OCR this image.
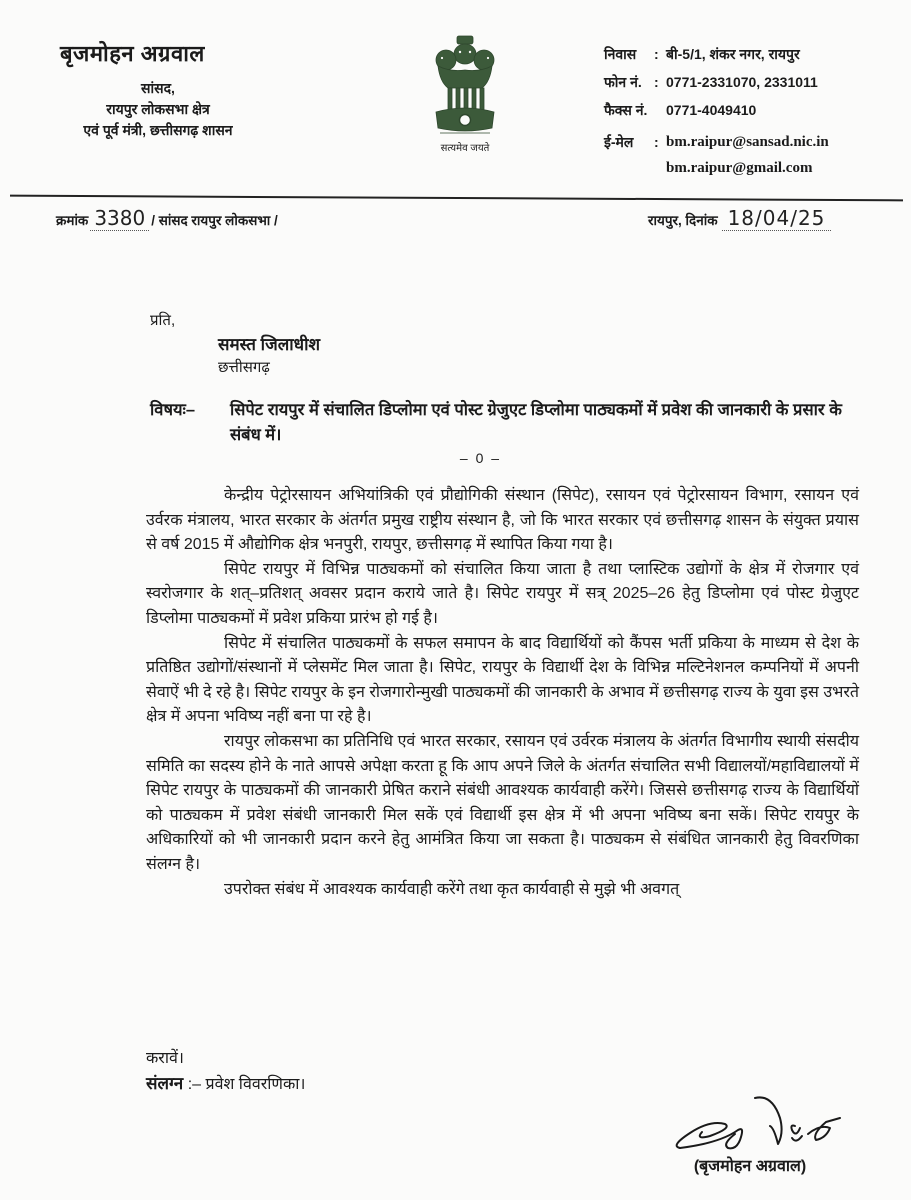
बृजमोहन अग्रवाल
सांसद,
रायपुर लोकसभा क्षेत्र
एवं पूर्व मंत्री, छत्तीसगढ़ शासन
सत्यमेव जयते
निवास	: बी-5/1, शंकर नगर, रायपुर
फोन नं. : 0771-2331070, 2331011
फैक्स नं.	0771-4049410
ई-मेल	: bm.raipur@sansad.nic.in
bm.raipur@gmail.com
क्रमांक 3380 / सांसद रायपुर लोकसभा /	रायपुर, दिनांक 18/04/25
प्रति,
समस्त जिलाधीश
छत्तीसगढ़
विषयः–	सिपेट रायपुर में संचालित डिप्लोमा एवं पोस्ट ग्रेजुएट डिप्लोमा पाठ्यकमों में प्रवेश की जानकारी के प्रसार के संबंध में।
– 0 –

केन्द्रीय पेट्रोरसायन अभियांत्रिकी एवं प्रौद्योगिकी संस्थान (सिपेट), रसायन एवं पेट्रोरसायन विभाग, रसायन एवं उर्वरक मंत्रालय, भारत सरकार के अंतर्गत प्रमुख राष्ट्रीय संस्थान है, जो कि भारत सरकार एवं छत्तीसगढ़ शासन के संयुक्त प्रयास से वर्ष 2015 में औद्योगिक क्षेत्र भनपुरी, रायपुर, छत्तीसगढ़ में स्थापित किया गया है।

सिपेट रायपुर में विभिन्न पाठ्यकमों को संचालित किया जाता है तथा प्लास्टिक उद्योगों के क्षेत्र में रोजगार एवं स्वरोजगार के शत्–प्रतिशत् अवसर प्रदान कराये जाते है। सिपेट रायपुर में सत्र् 2025–26 हेतु डिप्लोमा एवं पोस्ट ग्रेजुएट डिप्लोमा पाठ्यकमों में प्रवेश प्रकिया प्रारंभ हो गई है।

सिपेट में संचालित पाठ्यकमों के सफल समापन के बाद विद्यार्थियों को कैंपस भर्ती प्रकिया के माध्यम से देश के प्रतिष्ठित उद्योगों/संस्थानों में प्लेसमेंट मिल जाता है। सिपेट, रायपुर के विद्यार्थी देश के विभिन्न मल्टिनेशनल कम्पनियों में अपनी सेवाऐं भी दे रहे है। सिपेट रायपुर के इन रोजगारोन्मुखी पाठ्यकमों की जानकारी के अभाव में छत्तीसगढ़ राज्य के युवा इस उभरते क्षेत्र में अपना भविष्य नहीं बना पा रहे है।

रायपुर लोकसभा का प्रतिनिधि एवं भारत सरकार, रसायन एवं उर्वरक मंत्रालय के अंतर्गत विभागीय स्थायी संसदीय समिति का सदस्य होने के नाते आपसे अपेक्षा करता हू कि आप अपने जिले के अंतर्गत संचालित सभी विद्यालयों/महाविद्यालयों में सिपेट रायपुर के पाठ्यकमों की जानकारी प्रेषित कराने संबंधी आवश्यक कार्यवाही करेंगे। जिससे छत्तीसगढ़ राज्य के विद्यार्थियों को पाठ्यकम में प्रवेश संबंधी जानकारी मिल सकें एवं विद्यार्थी इस क्षेत्र में भी अपना भविष्य बना सकें। सिपेट रायपुर के अधिकारियों को भी जानकारी प्रदान करने हेतु आमंत्रित किया जा सकता है। पाठ्यकम से संबंधित जानकारी हेतु विवरणिका संलग्न है।

उपरोक्त संबंध में आवश्यक कार्यवाही करेंगे तथा कृत कार्यवाही से मुझे भी अवगत्

करावें।
संलग्न :– प्रवेश विवरणिका।
(बृजमोहन अग्रवाल)
